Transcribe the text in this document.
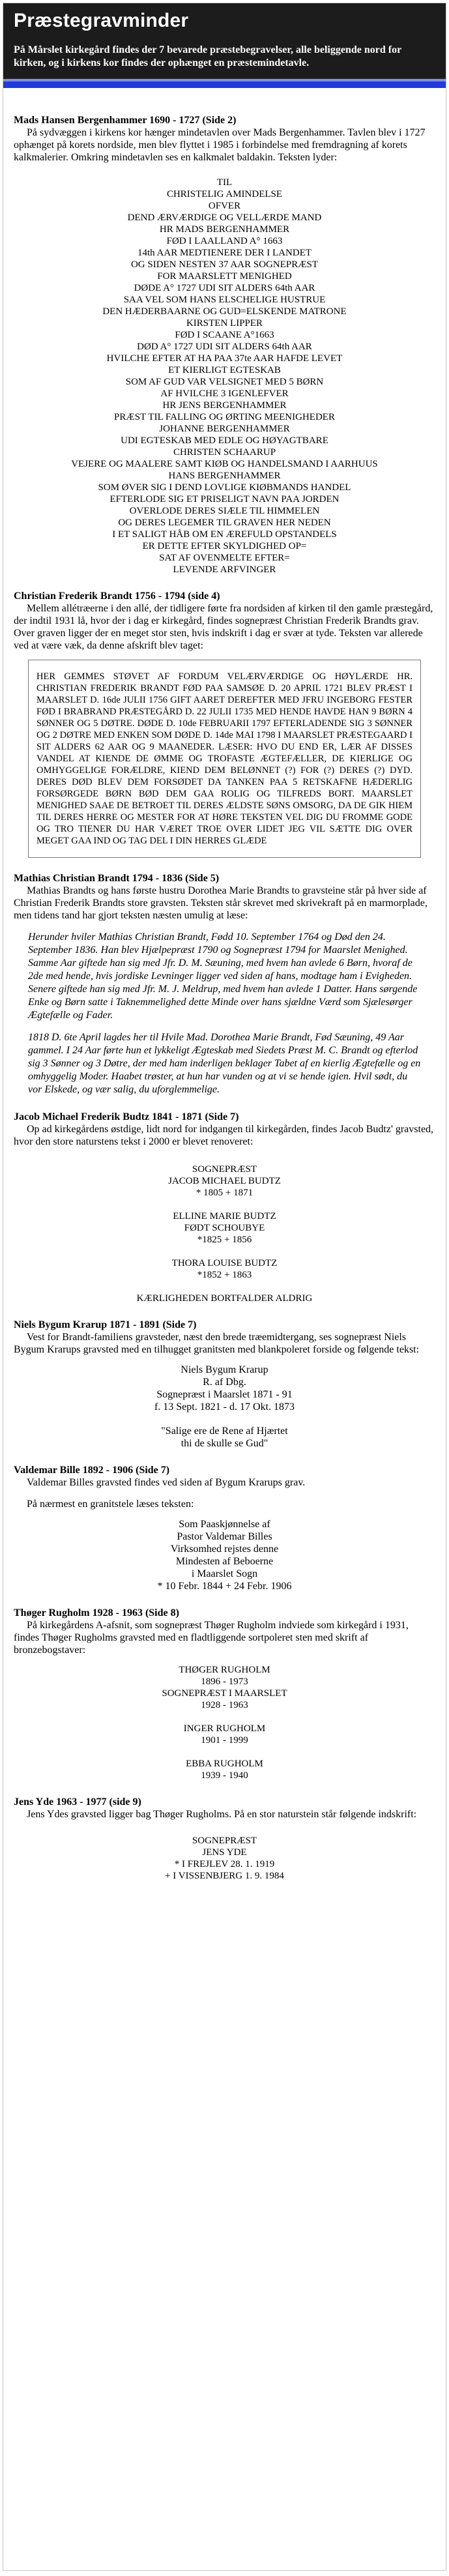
Præstegravminder

På Mårslet kirkegård findes der 7 bevarede præstebegravelser, alle beliggende nord for kirken, og i kirkens kor findes der ophænget en præstemindetavle.

Mads Hansen Bergenhammer 1690 - 1727 (Side 2)

På sydvæggen i kirkens kor hænger mindetavlen over Mads Bergenhammer. Tavlen blev i 1727 ophænget på korets nordside, men blev flyttet i 1985 i forbindelse med fremdragning af korets kalkmalerier. Omkring mindetavlen ses en kalkmalet baldakin. Teksten lyder:

TIL
CHRISTELIG AMINDELSE
OFVER
DEND ÆRVÆRDIGE OG VELLÆRDE MAND
HR MADS BERGENHAMMER
FØD I LAALLAND A° 1663
14th AAR MEDTIENERE DER I LANDET
OG SIDEN NESTEN 37 AAR SOGNEPRÆST
FOR MAARSLETT MENIGHED
DØDE A° 1727 UDI SIT ALDERS 64th AAR
SAA VEL SOM HANS ELSCHELIGE HUSTRUE
DEN HÆDERBAARNE OG GUD=ELSKENDE MATRONE
KIRSTEN LIPPER
FØD I SCAANE A°1663
DØD A° 1727 UDI SIT ALDERS 64th AAR
HVILCHE EFTER AT HA PAA 37te AAR HAFDE LEVET
ET KIERLIGT EGTESKAB
SOM AF GUD VAR VELSIGNET MED 5 BØRN
AF HVILCHE 3 IGENLEFVER
HR JENS BERGENHAMMER
PRÆST TIL FALLING OG ØRTING MEENIGHEDER
JOHANNE BERGENHAMMER
UDI EGTESKAB MED EDLE OG HØYAGTBARE
CHRISTEN SCHAARUP
VEJERE OG MAALERE SAMT KIØB OG HANDELSMAND I AARHUUS
HANS BERGENHAMMER
SOM ØVER SIG I DEND LOVLIGE KIØBMANDS HANDEL
EFTERLODE SIG ET PRISELIGT NAVN PAA JORDEN
OVERLODE DERES SIÆLE TIL HIMMELEN
OG DERES LEGEMER TIL GRAVEN HER NEDEN
I ET SALIGT HÅB OM EN ÆREFULD OPSTANDELS
ER DETTE EFTER SKYLDIGHED OP=
SAT AF OVENMELTE EFTER=
LEVENDE ARFVINGER
Christian Frederik Brandt 1756 - 1794 (side 4)

Mellem allétræerne i den allé, der tidligere førte fra nordsiden af kirken til den gamle præstegård, der indtil 1931 lå, hvor der i dag er kirkegård, findes sognepræst Christian Frederik Brandts grav. Over graven ligger der en meget stor sten, hvis indskrift i dag er svær at tyde. Teksten var allerede ved at være væk, da denne afskrift blev taget:

HER GEMMES STØVET AF FORDUM VELÆRVÆRDIGE OG HØYLÆRDE HR. CHRISTIAN FREDERIK BRANDT FØD PAA SAMSØE D. 20 APRIL 1721 BLEV PRÆST I MAARSLET D. 16de JULII 1756 GIFT AARET DEREFTER MED JFRU INGEBORG FESTER FØD I BRABRAND PRÆSTEGÅRD D. 22 JULII 1735 MED HENDE HAVDE HAN 9 BØRN 4 SØNNER OG 5 DØTRE. DØDE D. 10de FEBRUARII 1797 EFTERLADENDE SIG 3 SØNNER OG 2 DØTRE MED ENKEN SOM DØDE D. 14de MAI 1798 I MAARSLET PRÆSTEGAARD I SIT ALDERS 62 AAR OG 9 MAANEDER. LÆSER: HVO DU END ER, LÆR AF DISSES VANDEL AT KIENDE DE ØMME OG TROFASTE ÆGTEFÆLLER, DE KIERLIGE OG OMHYGGELIGE FORÆLDRE, KIEND DEM BELØNNET (?) FOR (?) DERES (?) DYD. DERES DØD BLEV DEM FORSØDET DA TANKEN PAA 5 RETSKAFNE HÆDERLIG FORSØRGEDE BØRN BØD DEM GAA ROLIG OG TILFREDS BORT. MAARSLET MENIGHED SAAE DE BETROET TIL DERES ÆLDSTE SØNS OMSORG, DA DE GIK HIEM TIL DERES HERRE OG MESTER FOR AT HØRE TEKSTEN VEL DIG DU FROMME GODE OG TRO TIENER DU HAR VÆRET TROE OVER LIDET JEG VIL SÆTTE DIG OVER MEGET GAA IND OG TAG DEL I DIN HERRES GLÆDE
Mathias Christian Brandt 1794 - 1836 (Side 5)

Mathias Brandts og hans første hustru Dorothea Marie Brandts to gravsteine står på hver side af Christian Frederik Brandts store gravsten. Teksten står skrevet med skrivekraft på en marmorplade, men tidens tand har gjort teksten næsten umulig at læse:

Herunder hviler Mathias Christian Brandt, Fødd 10. September 1764 og Død den 24. September 1836. Han blev Hjælpepræst 1790 og Sognepræst 1794 for Maarslet Menighed. Samme Aar giftede han sig med Jfr. D. M. Sæuning, med hvem han avlede 6 Børn, hvoraf de 2de med hende, hvis jordiske Levninger ligger ved siden af hans, modtage ham i Evigheden. Senere giftede han sig med Jfr. M. J. Meldrup, med hvem han avlede 1 Datter. Hans sørgende Enke og Børn satte i Taknemmelighed dette Minde over hans sjældne Værd som Sjælesørger Ægtefælle og Fader.

1818 D. 6te April lagdes her til Hvile Mad. Dorothea Marie Brandt, Fød Sæuning, 49 Aar gammel. I 24 Aar førte hun et lykkeligt Ægteskab med Siedets Præst M. C. Brandt og efterlod sig 3 Sønner og 3 Døtre, der med ham inderligen beklager Tabet af en kierlig Ægtefælle og en omhyggelig Moder. Haabet trøster, at hun har vunden og at vi se hende igien. Hvil sødt, du vor Elskede, og vær salig, du uforglemmelige.

Jacob Michael Frederik Budtz 1841 - 1871 (Side 7)

Op ad kirkegårdens østdige, lidt nord for indgangen til kirkegården, findes Jacob Budtz' gravsted, hvor den store naturstens tekst i 2000 er blevet renoveret:

SOGNEPRÆST
JACOB MICHAEL BUDTZ
* 1805 + 1871
ELLINE MARIE BUDTZ
FØDT SCHOUBYE
*1825 + 1856
THORA LOUISE BUDTZ
*1852 + 1863
KÆRLIGHEDEN BORTFALDER ALDRIG
Niels Bygum Krarup 1871 - 1891 (Side 7)

Vest for Brandt-familiens gravsteder, næst den brede træemidtergang, ses sognepræst Niels Bygum Krarups gravsted med en tilhugget granitsten med blankpoleret forside og følgende tekst:

Niels Bygum Krarup
R. af Dbg.
Sognepræst i Maarslet 1871 - 91
f. 13 Sept. 1821 - d. 17 Okt. 1873
"Salige ere de Rene af Hjærtet
thi de skulle se Gud"
Valdemar Bille 1892 - 1906 (Side 7)

Valdemar Billes gravsted findes ved siden af Bygum Krarups grav.

På nærmest en granitstele læses teksten:

Som Paaskjønnelse af
Pastor Valdemar Billes
Virksomhed rejstes denne
Mindesten af Beboerne
i Maarslet Sogn
* 10 Febr. 1844 + 24 Febr. 1906
Thøger Rugholm 1928 - 1963 (Side 8)

På kirkegårdens A-afsnit, som sognepræst Thøger Rugholm indviede som kirkegård i 1931, findes Thøger Rugholms gravsted med en fladtliggende sortpoleret sten med skrift af bronzebogstaver:

THØGER RUGHOLM
1896 - 1973
SOGNEPRÆST I MAARSLET
1928 - 1963
INGER RUGHOLM
1901 - 1999
EBBA RUGHOLM
1939 - 1940
Jens Yde 1963 - 1977 (side 9)

Jens Ydes gravsted ligger bag Thøger Rugholms. På en stor naturstein står følgende indskrift:

SOGNEPRÆST
JENS YDE
* I FREJLEV 28. 1. 1919
+ I VISSENBJERG 1. 9. 1984
